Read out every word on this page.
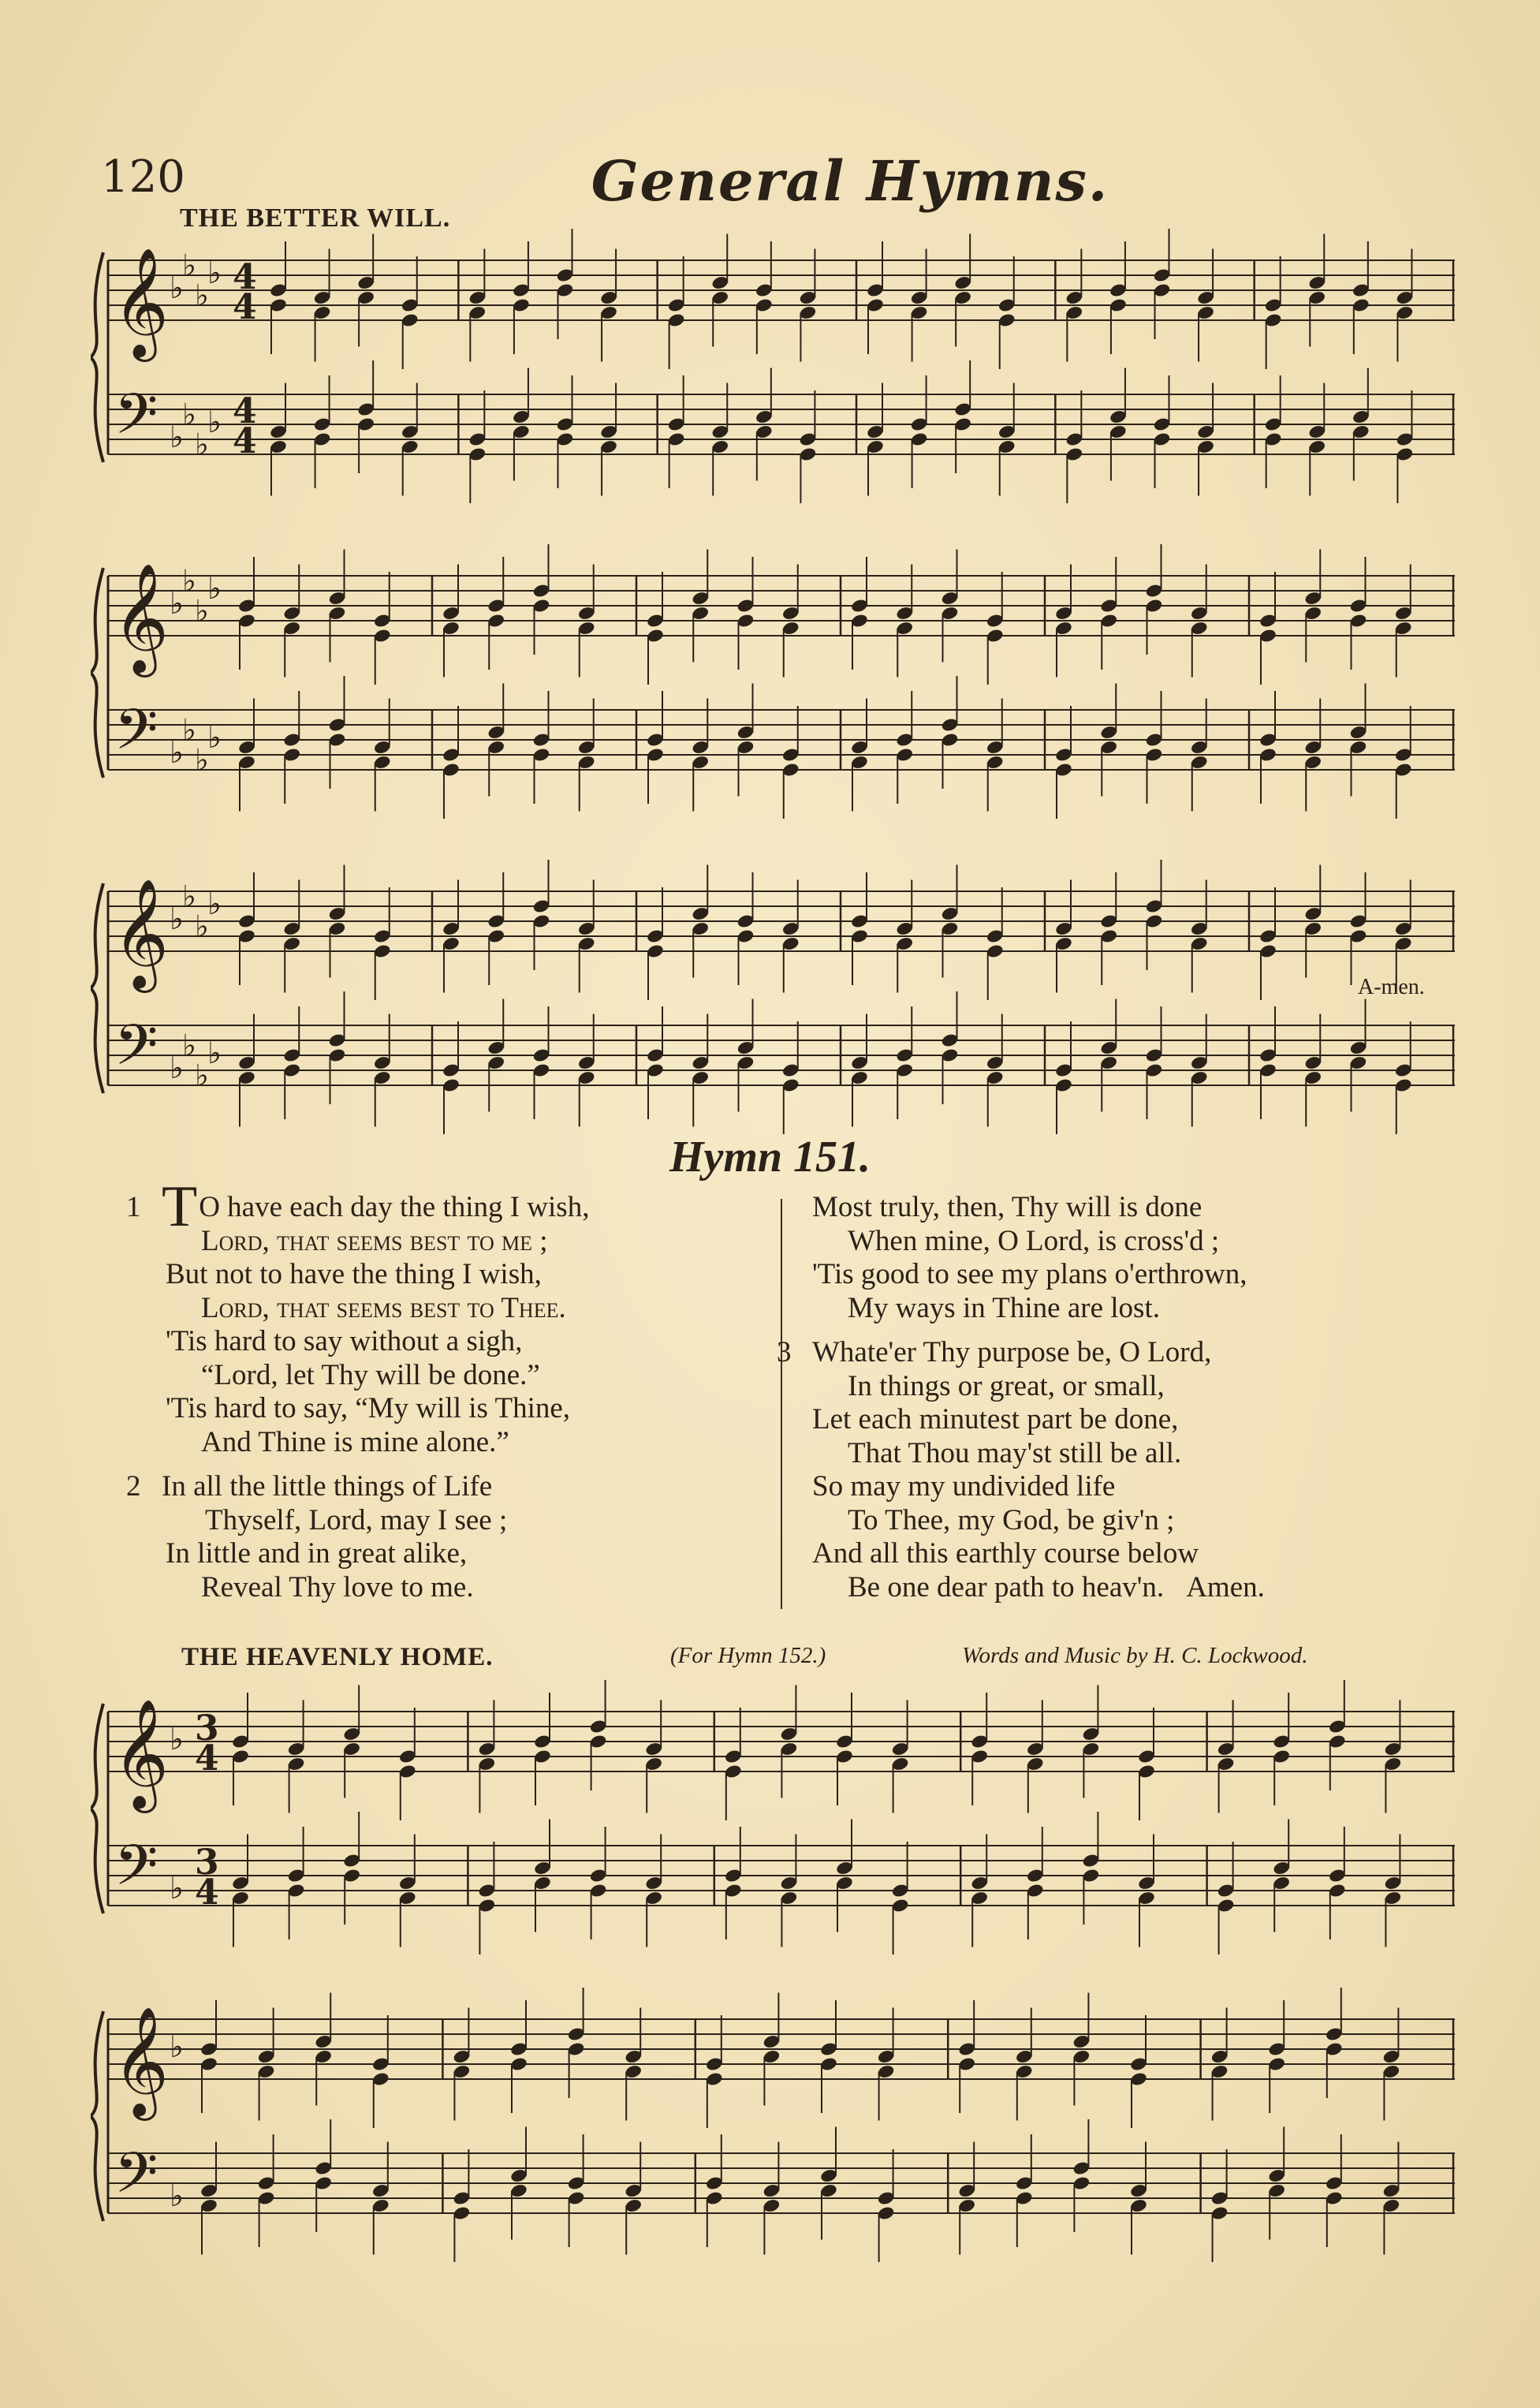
120	General Hymns.
THE BETTER WILL.
𝄞
𝄢
♭
♭
♭
♭
♭
♭
♭
♭
4
4
4
4
𝄞
𝄢
♭
♭
♭
♭
♭
♭
♭
♭
𝄞
𝄢
♭
♭
♭
♭
♭
♭
♭
♭
A-men.
Hymn 151.
1 TO have each day the thing I wish,
Lord, that seems best to me ;
But not to have the thing I wish,
Lord, that seems best to Thee.
'Tis hard to say without a sigh,
“Lord, let Thy will be done.”
'Tis hard to say, “My will is Thine,
And Thine is mine alone.”
2 In all the little things of Life
Thyself, Lord, may I see ;
In little and in great alike,
Reveal Thy love to me.
Most truly, then, Thy will is done
When mine, O Lord, is cross'd ;
'Tis good to see my plans o'erthrown,
My ways in Thine are lost.
3 Whate'er Thy purpose be, O Lord,
In things or great, or small,
Let each minutest part be done,
That Thou may'st still be all.
So may my undivided life
To Thee, my God, be giv'n ;
And all this earthly course below
Be one dear path to heav'n. Amen.
THE HEAVENLY HOME.	(For Hymn 152.)	Words and Music by H. C. Lockwood.
𝄞
𝄢
♭
♭
3
4
3
4
𝄞
𝄢
♭
♭
